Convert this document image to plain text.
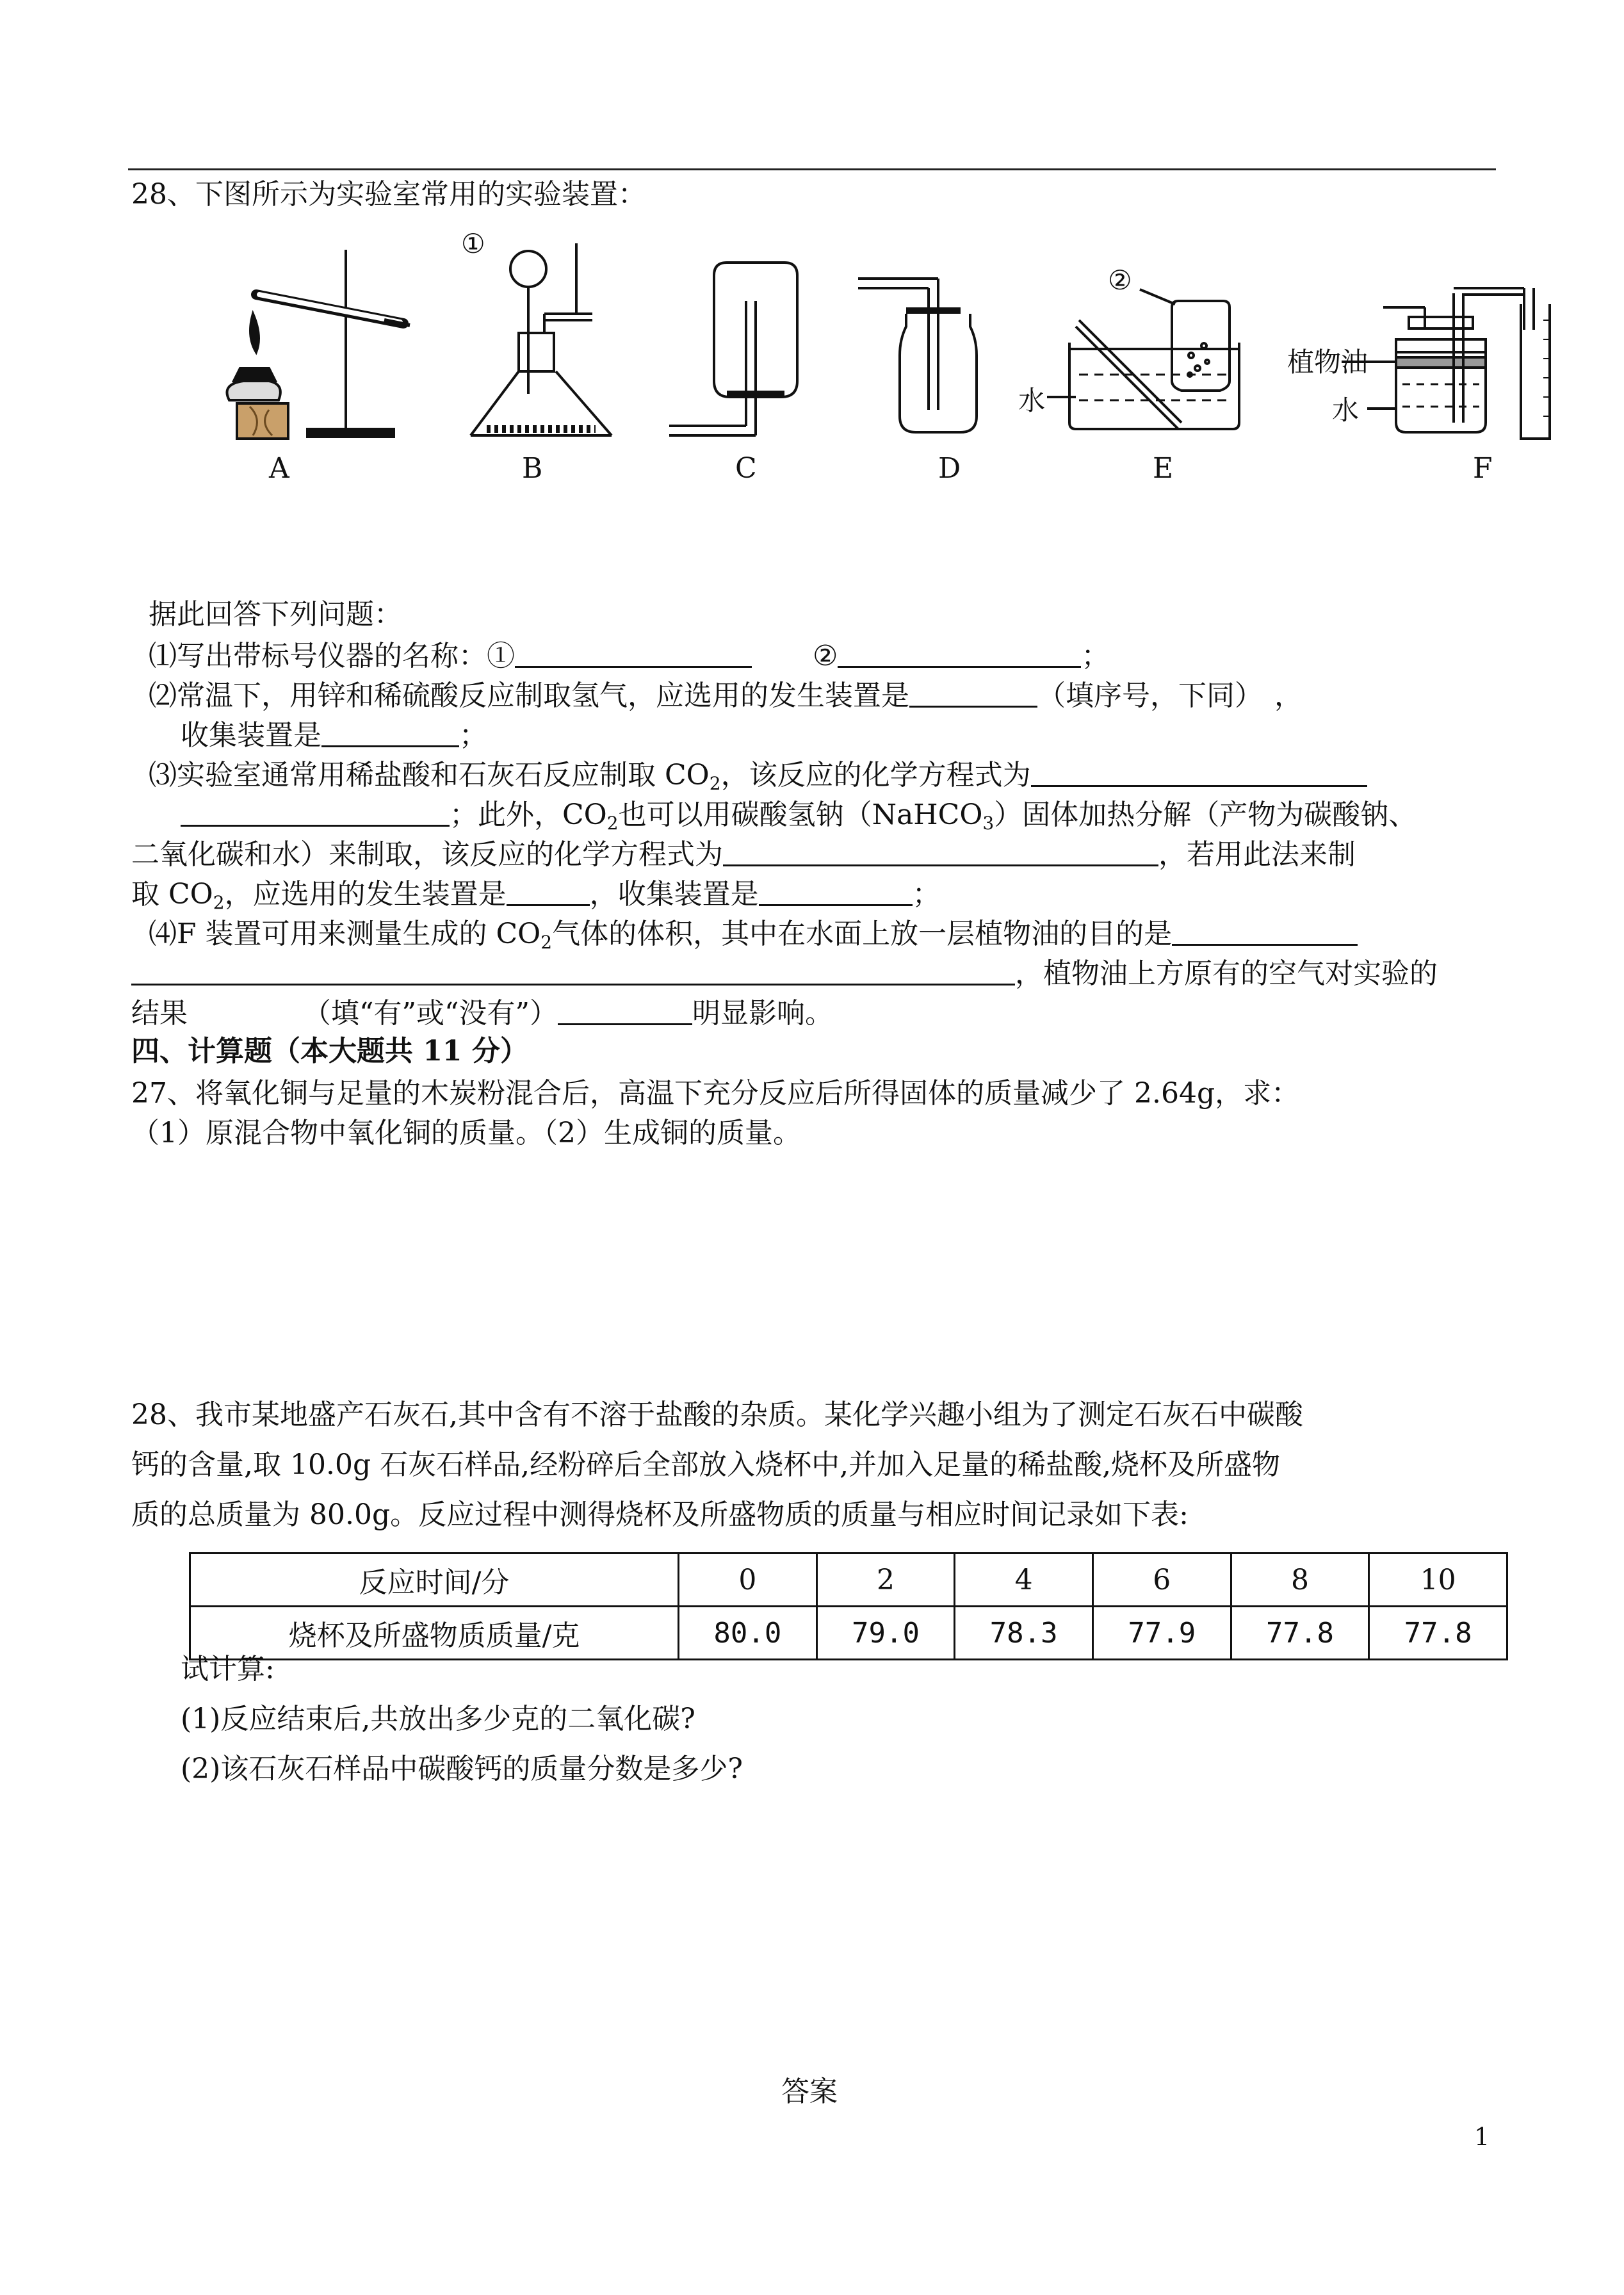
28、下图所示为实验室常用的实验装置：
①
②
水
植物油
水
A	B	C	D	E	F
据此回答下列问题：
⑴写出带标号仪器的名称：①	②	；
⑵常温下，用锌和稀硫酸反应制取氢气，应选用的发生装置是	（填序号，下同） ，
收集装置是	；
⑶实验室通常用稀盐酸和石灰石反应制取 $CO_2$，该反应的化学方程式为
；此外，$CO_2$也可以用碳酸氢钠（NaHCO$_3$）固体加热分解（产物为碳酸钠、
二氧化碳和水）来制取，该反应的化学方程式为	，若用此法来制
取 $CO_2$，应选用的发生装置是	，收集装置是	；
⑷F 装置可用来测量生成的 $CO_2$气体的体积，其中在水面上放一层植物油的目的是
，植物油上方原有的空气对实验的
结果	（填“有”或“没有”）	明显影响。
四、计算题（本大题共 11 分）
27、将氧化铜与足量的木炭粉混合后，高温下充分反应后所得固体的质量减少了 2.64g，求：
（1）原混合物中氧化铜的质量。（2）生成铜的质量。
28、我市某地盛产石灰石,其中含有不溶于盐酸的杂质。某化学兴趣小组为了测定石灰石中碳酸
钙的含量,取 10.0g 石灰石样品,经粉碎后全部放入烧杯中,并加入足量的稀盐酸,烧杯及所盛物
质的总质量为 80.0g。反应过程中测得烧杯及所盛物质的质量与相应时间记录如下表:
反应时间/分	0	2	4	6	8	10
烧杯及所盛物质质量/克	80.0	79.0	78.3	77.9	77.8	77.8
试计算:
(1)反应结束后,共放出多少克的二氧化碳?
(2)该石灰石样品中碳酸钙的质量分数是多少?
答案
1
